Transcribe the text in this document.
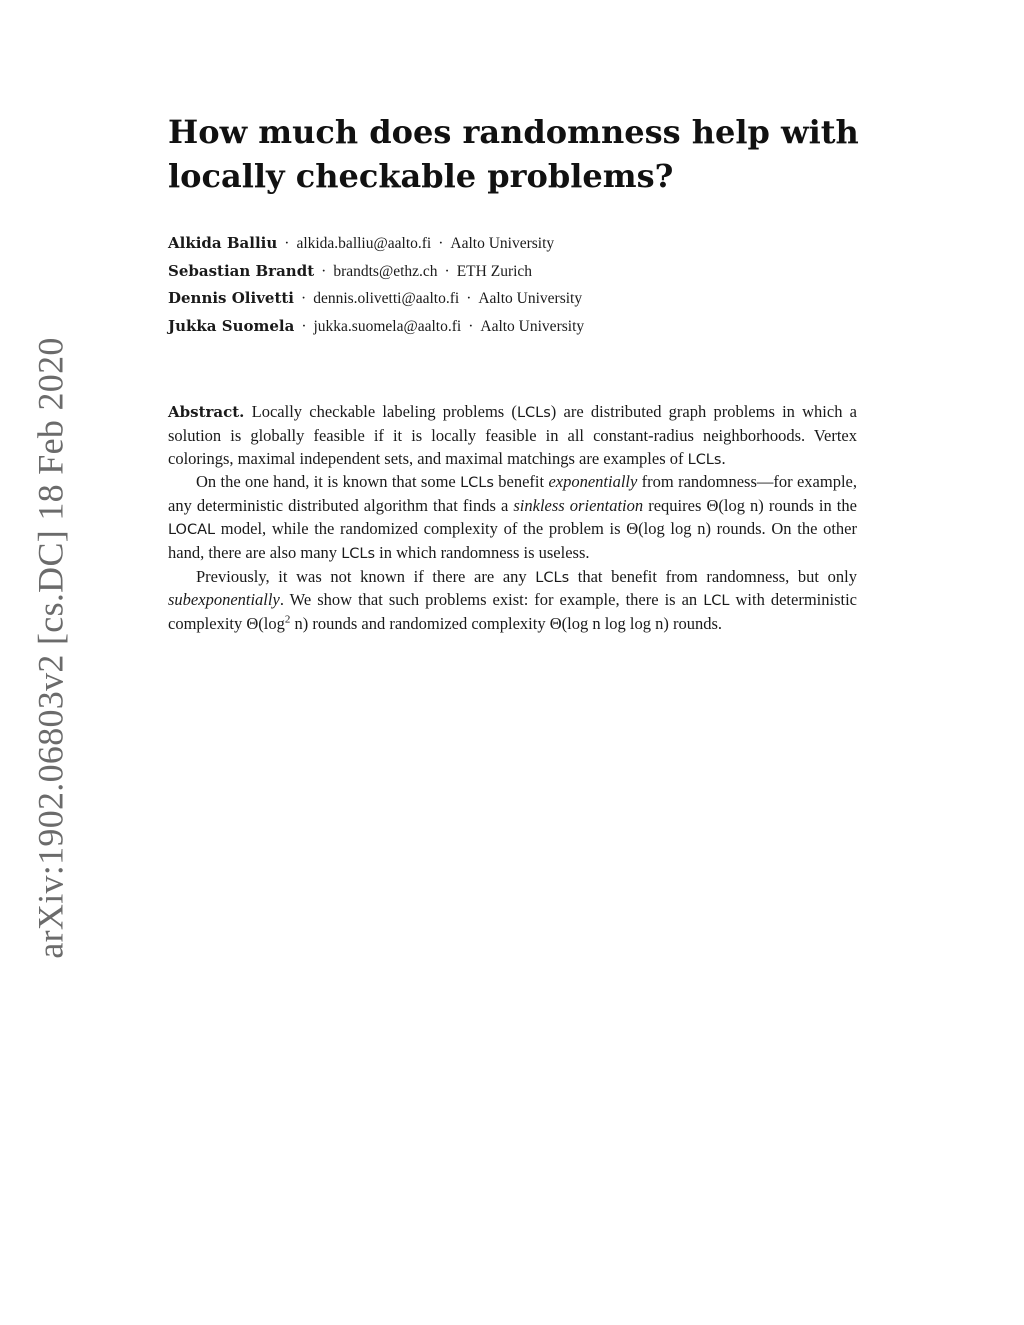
arXiv:1902.06803v2 [cs.DC] 18 Feb 2020
How much does randomness help with
locally checkable problems?
Alkida Balliu · alkida.balliu@aalto.fi · Aalto University
Sebastian Brandt · brandts@ethz.ch · ETH Zurich
Dennis Olivetti · dennis.olivetti@aalto.fi · Aalto University
Jukka Suomela · jukka.suomela@aalto.fi · Aalto University

Abstract. Locally checkable labeling problems (LCLs) are distributed graph problems in which a solution is globally feasible if it is locally feasible in all constant-radius neighborhoods. Vertex colorings, maximal independent sets, and maximal matchings are examples of LCLs.

On the one hand, it is known that some LCLs benefit exponentially from randomness—for example, any deterministic distributed algorithm that finds a sinkless orientation requires Θ(log n) rounds in the LOCAL model, while the randomized complexity of the problem is Θ(log log n) rounds. On the other hand, there are also many LCLs in which randomness is useless.

Previously, it was not known if there are any LCLs that benefit from randomness, but only subexponentially. We show that such problems exist: for example, there is an LCL with deterministic complexity $\Theta(\log^2$ n) rounds and randomized complexity Θ(log n log log n) rounds.
